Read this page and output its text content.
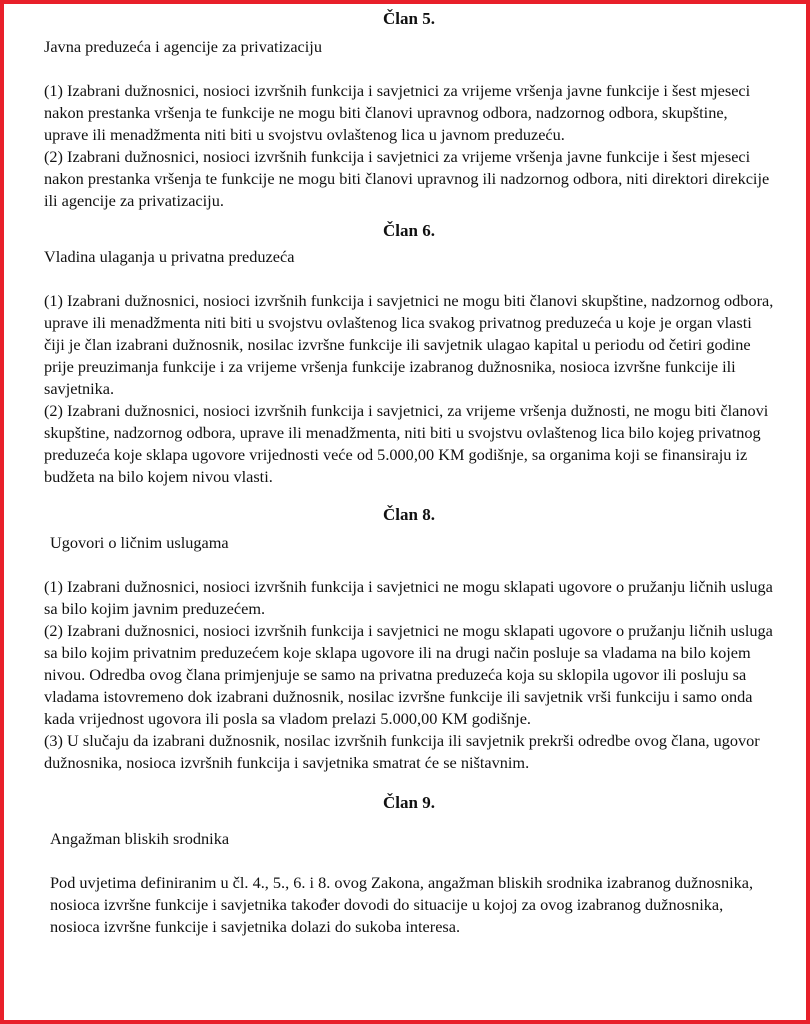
Član 5.

Javna preduzeća i agencije za privatizaciju

(1) Izabrani dužnosnici, nosioci izvršnih funkcija i savjetnici za vrijeme vršenja javne funkcije i šest mjeseci nakon prestanka vršenja te funkcije ne mogu biti članovi upravnog odbora, nadzornog odbora, skupštine, uprave ili menadžmenta niti biti u svojstvu ovlaštenog lica u javnom preduzeću.

(2) Izabrani dužnosnici, nosioci izvršnih funkcija i savjetnici za vrijeme vršenja javne funkcije i šest mjeseci nakon prestanka vršenja te funkcije ne mogu biti članovi upravnog ili nadzornog odbora, niti direktori direkcije ili agencije za privatizaciju.

Član 6.

Vladina ulaganja u privatna preduzeća

(1) Izabrani dužnosnici, nosioci izvršnih funkcija i savjetnici ne mogu biti članovi skupštine, nadzornog odbora, uprave ili menadžmenta niti biti u svojstvu ovlaštenog lica svakog privatnog preduzeća u koje je organ vlasti čiji je član izabrani dužnosnik, nosilac izvršne funkcije ili savjetnik ulagao kapital u periodu od četiri godine prije preuzimanja funkcije i za vrijeme vršenja funkcije izabranog dužnosnika, nosioca izvršne funkcije ili savjetnika.

(2) Izabrani dužnosnici, nosioci izvršnih funkcija i savjetnici, za vrijeme vršenja dužnosti, ne mogu biti članovi skupštine, nadzornog odbora, uprave ili menadžmenta, niti biti u svojstvu ovlaštenog lica bilo kojeg privatnog preduzeća koje sklapa ugovore vrijednosti veće od 5.000,00 KM godišnje, sa organima koji se finansiraju iz budžeta na bilo kojem nivou vlasti.

Član 8.

Ugovori o ličnim uslugama

(1) Izabrani dužnosnici, nosioci izvršnih funkcija i savjetnici ne mogu sklapati ugovore o pružanju ličnih usluga sa bilo kojim javnim preduzećem.

(2) Izabrani dužnosnici, nosioci izvršnih funkcija i savjetnici ne mogu sklapati ugovore o pružanju ličnih usluga sa bilo kojim privatnim preduzećem koje sklapa ugovore ili na drugi način posluje sa vladama na bilo kojem nivou. Odredba ovog člana primjenjuje se samo na privatna preduzeća koja su sklopila ugovor ili posluju sa vladama istovremeno dok izabrani dužnosnik, nosilac izvršne funkcije ili savjetnik vrši funkciju i samo onda kada vrijednost ugovora ili posla sa vladom prelazi 5.000,00 KM godišnje.

(3) U slučaju da izabrani dužnosnik, nosilac izvršnih funkcija ili savjetnik prekrši odredbe ovog člana, ugovor dužnosnika, nosioca izvršnih funkcija i savjetnika smatrat će se ništavnim.

Član 9.

Angažman bliskih srodnika

Pod uvjetima definiranim u čl. 4., 5., 6. i 8. ovog Zakona, angažman bliskih srodnika izabranog dužnosnika, nosioca izvršne funkcije i savjetnika također dovodi do situacije u kojoj za ovog izabranog dužnosnika, nosioca izvršne funkcije i savjetnika dolazi do sukoba interesa.
